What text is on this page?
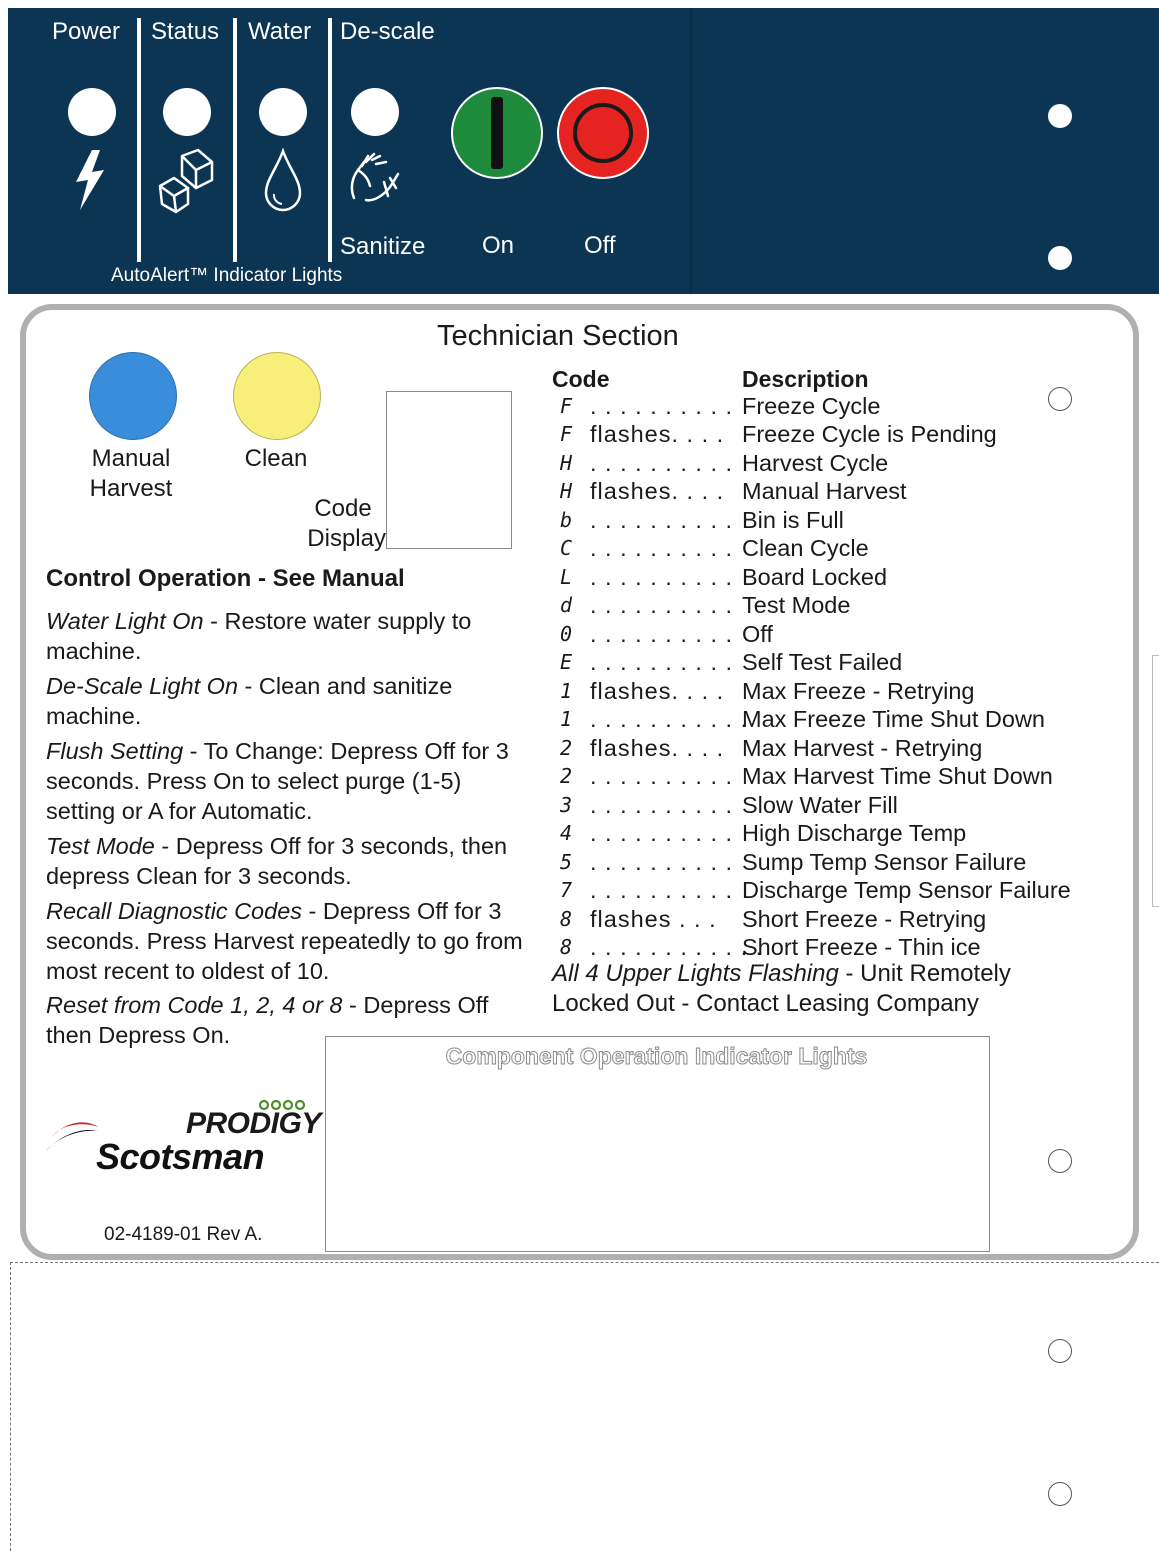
Power Status Water De-scale
Sanitize On	Off
AutoAlert™ Indicator Lights
Technician Section
Manual
Harvest
Clean
Code
Display
Control Operation - See Manual
Water Light On - Restore water supply to machine.
De-Scale Light On - Clean and sanitize machine.
Flush Setting - To Change: Depress Off for 3 seconds. Press On to select purge (1-5) setting or A for Automatic.
Test Mode - Depress Off for 3 seconds, then depress Clean for 3 seconds.
Recall Diagnostic Codes - Depress Off for 3 seconds. Press Harvest repeatedly to go from most recent to oldest of 10.
Reset from Code 1, 2, 4 or 8 - Depress Off then Depress On.
Code	Description
F . . . . . . . . . . Freeze Cycle
F flashes. . . . Freeze Cycle is Pending
H . . . . . . . . . . Harvest Cycle
H flashes. . . . Manual Harvest
b . . . . . . . . . . Bin is Full
C . . . . . . . . . . Clean Cycle
L . . . . . . . . . . Board Locked
d . . . . . . . . . . Test Mode
0 . . . . . . . . . . Off
E . . . . . . . . . . Self Test Failed
1 flashes. . . . Max Freeze - Retrying
1 . . . . . . . . . . .
Max Freeze Time Shut Down
2 flashes. . . . Max Harvest - Retrying
2 . . . . . . . . . . Max Harvest Time Shut Down
3 . . . . . . . . . . Slow Water Fill
4 . . . . . . . . . . High Discharge Temp
5 . . . . . . . . . . Sump Temp Sensor Failure
7 . . . . . . . . . . Discharge Temp Sensor Failure
8 flashes . . . Short Freeze - Retrying
8 . . . . . . . . . . . .
Short Freeze - Thin ice
All 4 Upper Lights Flashing - Unit Remotely
Locked Out - Contact Leasing Company
Component Operation Indicator Lights
PRODIGY
Scotsman
02-4189-01 Rev A.
